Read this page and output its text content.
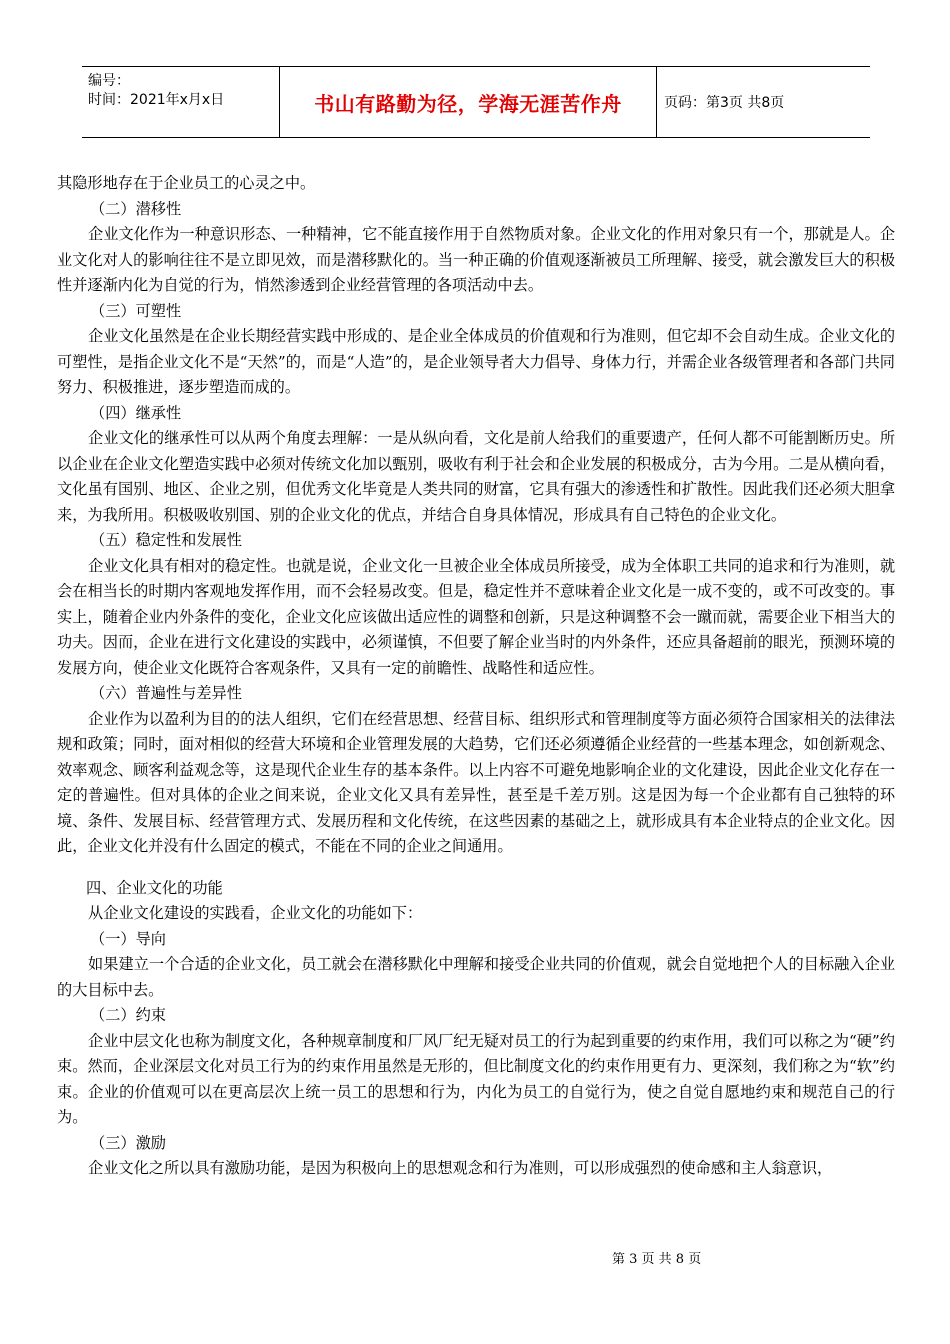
编号：
时间：2021年x月x日	书山有路勤为径，学海无涯苦作舟	页码：第3页 共8页

其隐形地存在于企业员工的心灵之中。

（二）潜移性

企业文化作为一种意识形态、一种精神，它不能直接作用于自然物质对象。企业文化的作用对象只有一个，那就是人。企业文化对人的影响往往不是立即见效，而是潜移默化的。当一种正确的价值观逐渐被员工所理解、接受，就会激发巨大的积极性并逐渐内化为自觉的行为，悄然渗透到企业经营管理的各项活动中去。

（三）可塑性

企业文化虽然是在企业长期经营实践中形成的、是企业全体成员的价值观和行为准则，但它却不会自动生成。企业文化的可塑性，是指企业文化不是“天然”的，而是“人造”的，是企业领导者大力倡导、身体力行，并需企业各级管理者和各部门共同努力、积极推进，逐步塑造而成的。

（四）继承性

企业文化的继承性可以从两个角度去理解：一是从纵向看，文化是前人给我们的重要遗产，任何人都不可能割断历史。所以企业在企业文化塑造实践中必须对传统文化加以甄别，吸收有利于社会和企业发展的积极成分，古为今用。二是从横向看，文化虽有国别、地区、企业之别，但优秀文化毕竟是人类共同的财富，它具有强大的渗透性和扩散性。因此我们还必须大胆拿来，为我所用。积极吸收别国、别的企业文化的优点，并结合自身具体情况，形成具有自己特色的企业文化。

（五）稳定性和发展性

企业文化具有相对的稳定性。也就是说，企业文化一旦被企业全体成员所接受，成为全体职工共同的追求和行为准则，就会在相当长的时期内客观地发挥作用，而不会轻易改变。但是，稳定性并不意味着企业文化是一成不变的，或不可改变的。事实上，随着企业内外条件的变化，企业文化应该做出适应性的调整和创新，只是这种调整不会一蹴而就，需要企业下相当大的功夫。因而，企业在进行文化建设的实践中，必须谨慎，不但要了解企业当时的内外条件，还应具备超前的眼光，预测环境的发展方向，使企业文化既符合客观条件，又具有一定的前瞻性、战略性和适应性。

（六）普遍性与差异性

企业作为以盈利为目的的法人组织，它们在经营思想、经营目标、组织形式和管理制度等方面必须符合国家相关的法律法规和政策；同时，面对相似的经营大环境和企业管理发展的大趋势，它们还必须遵循企业经营的一些基本理念，如创新观念、效率观念、顾客利益观念等，这是现代企业生存的基本条件。以上内容不可避免地影响企业的文化建设，因此企业文化存在一定的普遍性。但对具体的企业之间来说，企业文化又具有差异性，甚至是千差万别。这是因为每一个企业都有自己独特的环境、条件、发展目标、经营管理方式、发展历程和文化传统，在这些因素的基础之上，就形成具有本企业特点的企业文化。因此，企业文化并没有什么固定的模式，不能在不同的企业之间通用。

四、企业文化的功能

从企业文化建设的实践看，企业文化的功能如下：

（一）导向

如果建立一个合适的企业文化，员工就会在潜移默化中理解和接受企业共同的价值观，就会自觉地把个人的目标融入企业的大目标中去。

（二）约束

企业中层文化也称为制度文化，各种规章制度和厂风厂纪无疑对员工的行为起到重要的约束作用，我们可以称之为“硬”约束。然而，企业深层文化对员工行为的约束作用虽然是无形的，但比制度文化的约束作用更有力、更深刻，我们称之为“软”约束。企业的价值观可以在更高层次上统一员工的思想和行为，内化为员工的自觉行为，使之自觉自愿地约束和规范自己的行为。

（三）激励

企业文化之所以具有激励功能，是因为积极向上的思想观念和行为准则，可以形成强烈的使命感和主人翁意识，

第 3 页 共 8 页
